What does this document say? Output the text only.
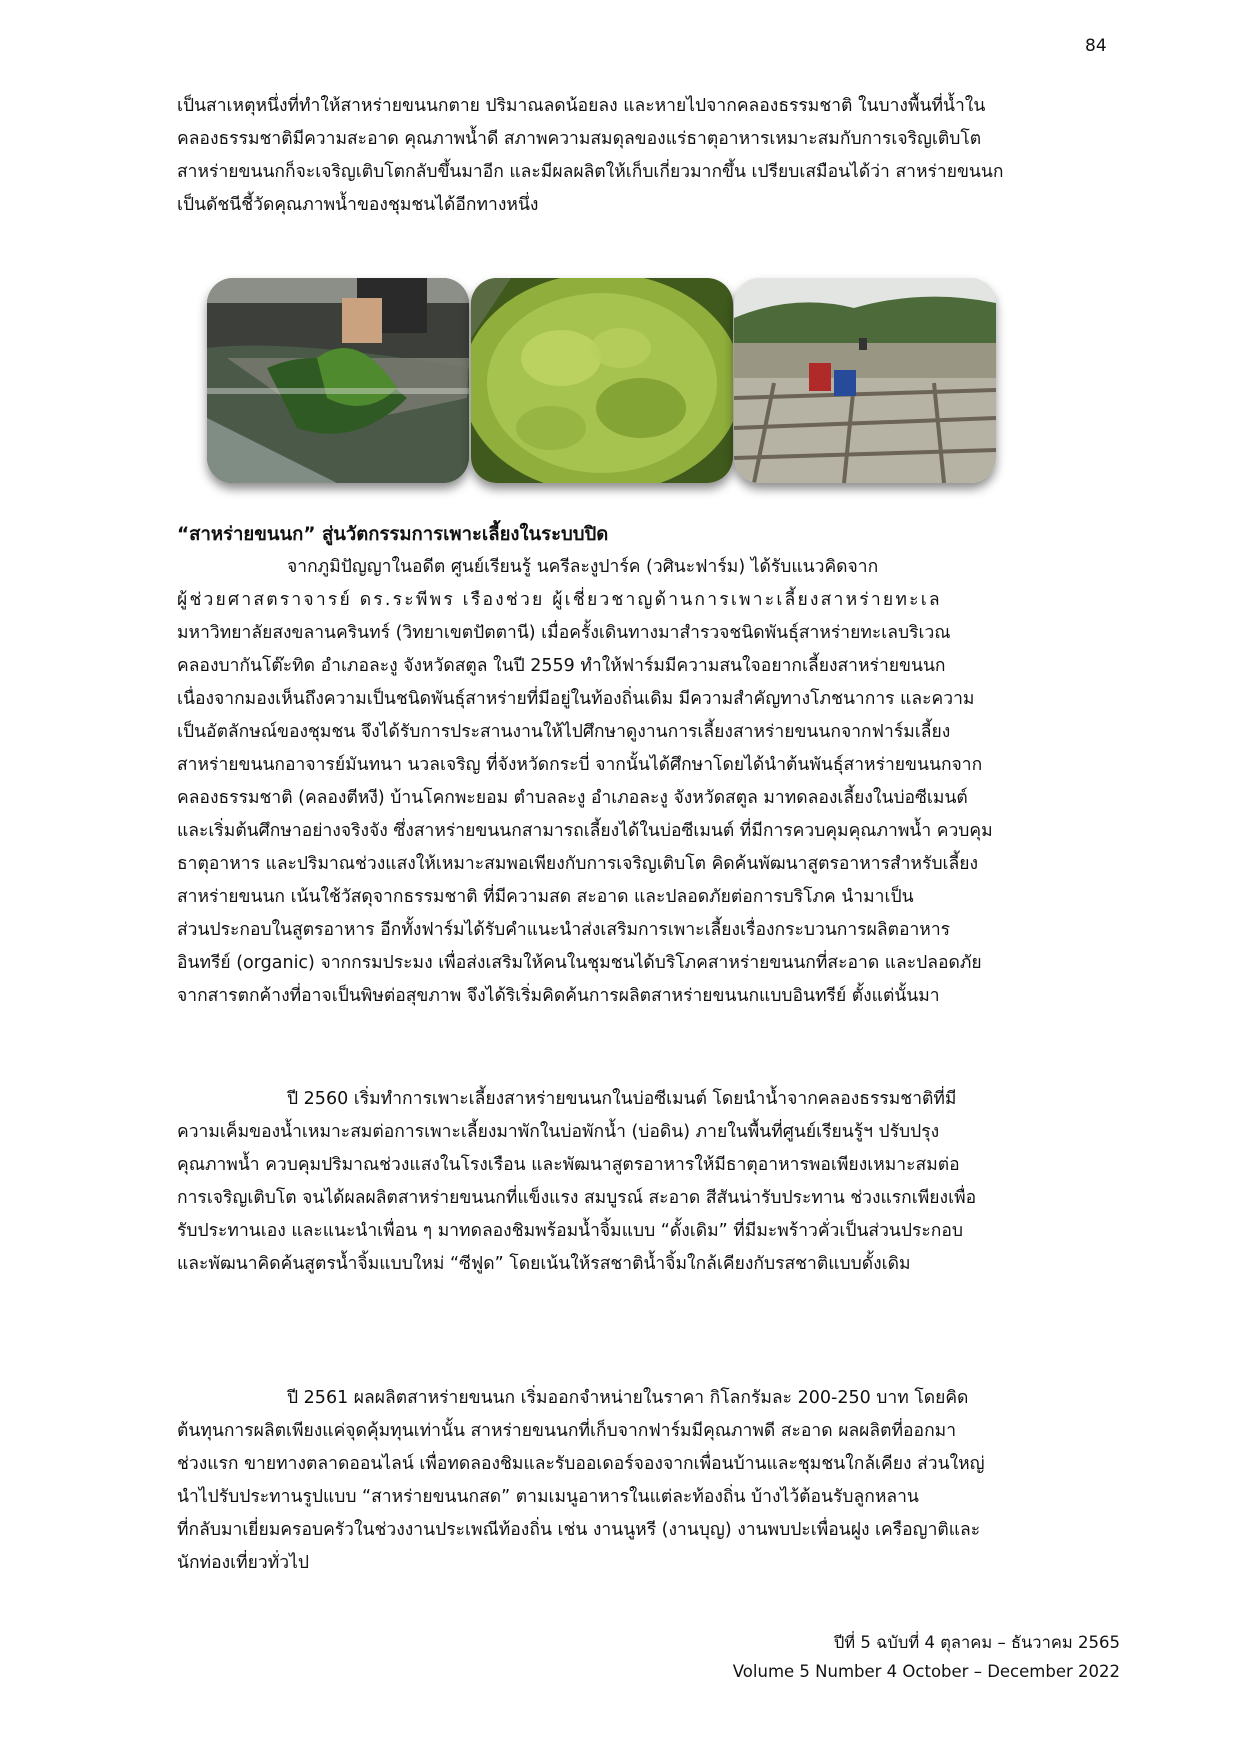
84
เป็นสาเหตุหนึ่งที่ทำให้สาหร่ายขนนกตาย ปริมาณลดน้อยลง และหายไปจากคลองธรรมชาติ ในบางพื้นที่น้ำใน
คลองธรรมชาติมีความสะอาด คุณภาพน้ำดี สภาพความสมดุลของแร่ธาตุอาหารเหมาะสมกับการเจริญเติบโต
สาหร่ายขนนกก็จะเจริญเติบโตกลับขึ้นมาอีก และมีผลผลิตให้เก็บเกี่ยวมากขึ้น เปรียบเสมือนได้ว่า สาหร่ายขนนก
เป็นดัชนีชี้วัดคุณภาพน้ำของชุมชนได้อีกทางหนึ่ง
“สาหร่ายขนนก” สู่นวัตกรรมการเพาะเลี้ยงในระบบปิด
จากภูมิปัญญาในอดีต ศูนย์เรียนรู้ นครีละงูปาร์ค (วศินะฟาร์ม) ได้รับแนวคิดจาก
ผู้ช่วยศาสตราจารย์ ดร.ระพีพร เรืองช่วย ผู้เชี่ยวชาญด้านการเพาะเลี้ยงสาหร่ายทะเล
มหาวิทยาลัยสงขลานครินทร์ (วิทยาเขตปัตตานี) เมื่อครั้งเดินทางมาสำรวจชนิดพันธุ์สาหร่ายทะเลบริเวณ
คลองบากันโต๊ะทิด อำเภอละงู จังหวัดสตูล ในปี 2559 ทำให้ฟาร์มมีความสนใจอยากเลี้ยงสาหร่ายขนนก
เนื่องจากมองเห็นถึงความเป็นชนิดพันธุ์สาหร่ายที่มีอยู่ในท้องถิ่นเดิม มีความสำคัญทางโภชนาการ และความ
เป็นอัตลักษณ์ของชุมชน จึงได้รับการประสานงานให้ไปศึกษาดูงานการเลี้ยงสาหร่ายขนนกจากฟาร์มเลี้ยง
สาหร่ายขนนกอาจารย์มันทนา นวลเจริญ ที่จังหวัดกระบี่ จากนั้นได้ศึกษาโดยได้นำต้นพันธุ์สาหร่ายขนนกจาก
คลองธรรมชาติ (คลองตีหงี) บ้านโคกพะยอม ตำบลละงู อำเภอละงู จังหวัดสตูล มาทดลองเลี้ยงในบ่อซีเมนต์
และเริ่มต้นศึกษาอย่างจริงจัง ซึ่งสาหร่ายขนนกสามารถเลี้ยงได้ในบ่อซีเมนต์ ที่มีการควบคุมคุณภาพน้ำ ควบคุม
ธาตุอาหาร และปริมาณช่วงแสงให้เหมาะสมพอเพียงกับการเจริญเติบโต คิดค้นพัฒนาสูตรอาหารสำหรับเลี้ยง
สาหร่ายขนนก เน้นใช้วัสดุจากธรรมชาติ ที่มีความสด สะอาด และปลอดภัยต่อการบริโภค นำมาเป็น
ส่วนประกอบในสูตรอาหาร อีกทั้งฟาร์มได้รับคำแนะนำส่งเสริมการเพาะเลี้ยงเรื่องกระบวนการผลิตอาหาร
อินทรีย์ (organic) จากกรมประมง เพื่อส่งเสริมให้คนในชุมชนได้บริโภคสาหร่ายขนนกที่สะอาด และปลอดภัย
จากสารตกค้างที่อาจเป็นพิษต่อสุขภาพ จึงได้ริเริ่มคิดค้นการผลิตสาหร่ายขนนกแบบอินทรีย์ ตั้งแต่นั้นมา
ปี 2560 เริ่มทำการเพาะเลี้ยงสาหร่ายขนนกในบ่อซีเมนต์ โดยนำน้ำจากคลองธรรมชาติที่มี
ความเค็มของน้ำเหมาะสมต่อการเพาะเลี้ยงมาพักในบ่อพักน้ำ (บ่อดิน) ภายในพื้นที่ศูนย์เรียนรู้ฯ ปรับปรุง
คุณภาพน้ำ ควบคุมปริมาณช่วงแสงในโรงเรือน และพัฒนาสูตรอาหารให้มีธาตุอาหารพอเพียงเหมาะสมต่อ
การเจริญเติบโต จนได้ผลผลิตสาหร่ายขนนกที่แข็งแรง สมบูรณ์ สะอาด สีสันน่ารับประทาน ช่วงแรกเพียงเพื่อ
รับประทานเอง และแนะนำเพื่อน ๆ มาทดลองชิมพร้อมน้ำจิ้มแบบ “ดั้งเดิม” ที่มีมะพร้าวคั่วเป็นส่วนประกอบ
และพัฒนาคิดค้นสูตรน้ำจิ้มแบบใหม่ “ซีฟูด” โดยเน้นให้รสชาติน้ำจิ้มใกล้เคียงกับรสชาติแบบดั้งเดิม
ปี 2561 ผลผลิตสาหร่ายขนนก เริ่มออกจำหน่ายในราคา กิโลกรัมละ 200-250 บาท โดยคิด
ต้นทุนการผลิตเพียงแค่จุดคุ้มทุนเท่านั้น สาหร่ายขนนกที่เก็บจากฟาร์มมีคุณภาพดี สะอาด ผลผลิตที่ออกมา
ช่วงแรก ขายทางตลาดออนไลน์ เพื่อทดลองชิมและรับออเดอร์จองจากเพื่อนบ้านและชุมชนใกล้เคียง ส่วนใหญ่
นำไปรับประทานรูปแบบ “สาหร่ายขนนกสด” ตามเมนูอาหารในแต่ละท้องถิ่น บ้างไว้ต้อนรับลูกหลาน
ที่กลับมาเยี่ยมครอบครัวในช่วงงานประเพณีท้องถิ่น เช่น งานนูหรี (งานบุญ) งานพบปะเพื่อนฝูง เครือญาติและ
นักท่องเที่ยวทั่วไป
ปีที่ 5 ฉบับที่ 4 ตุลาคม – ธันวาคม 2565
Volume 5 Number 4 October – December 2022
